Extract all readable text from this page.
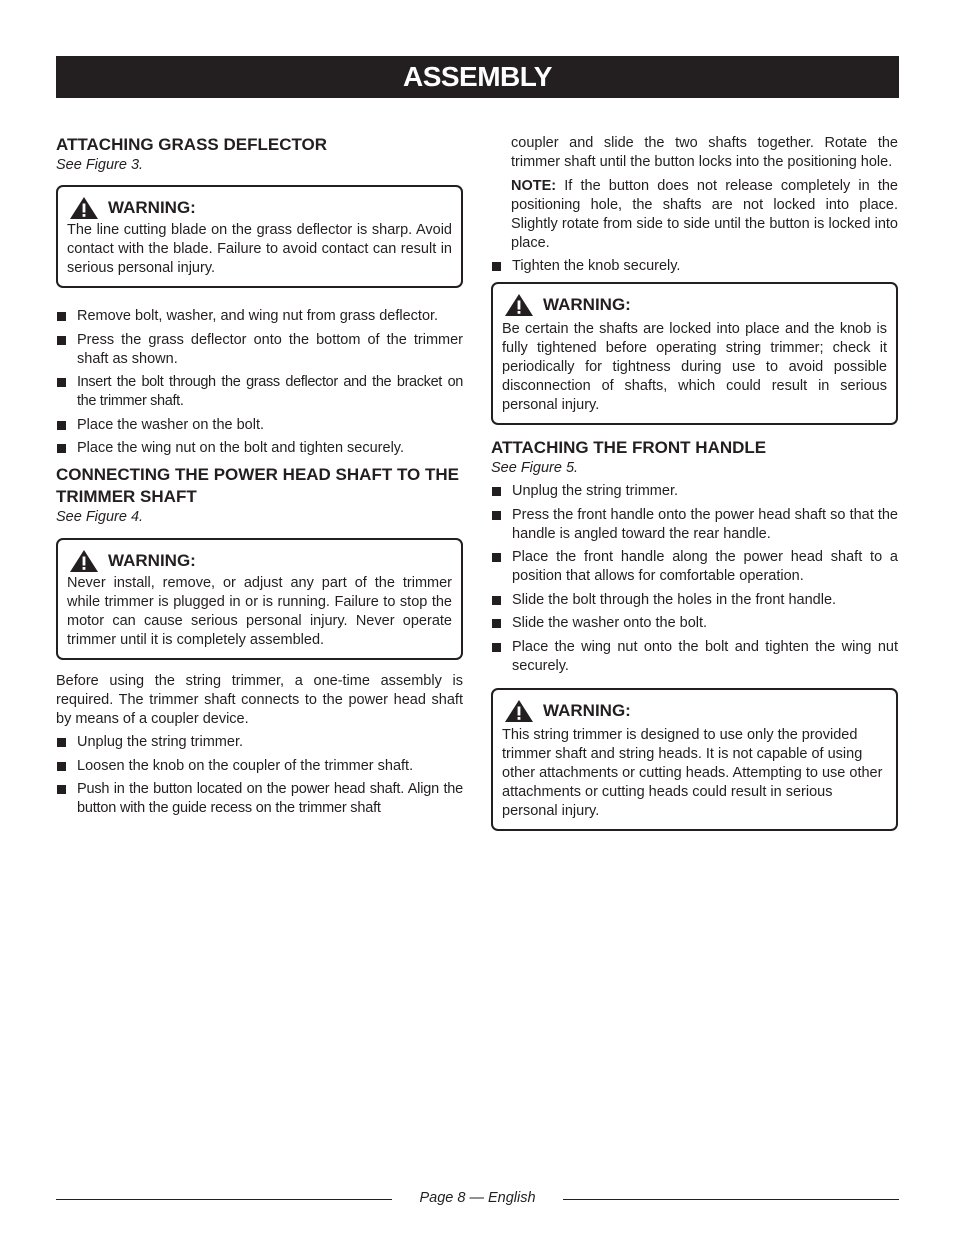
ASSEMBLY
ATTACHING GRASS DEFLECTOR
See Figure 3.
WARNING:
The line cutting blade on the grass deflector is sharp. Avoid contact with the blade. Failure to avoid contact can result in serious personal injury.
Remove bolt, washer, and wing nut from grass deflector.
Press the grass deflector onto the bottom of the trimmer shaft as shown.
Insert the bolt through the grass deflector and the bracket on the trimmer shaft.
Place the washer on the bolt.
Place the wing nut on the bolt and tighten securely.
CONNECTING THE POWER HEAD SHAFT TO THE TRIMMER SHAFT
See Figure 4.
WARNING:
Never install, remove, or adjust any part of the trimmer while trimmer is plugged in or is running. Failure to stop the motor can cause serious personal injury. Never operate trimmer until it is completely assembled.
Before using the string trimmer, a one-time assembly is required. The trimmer shaft connects to the power head shaft by means of a coupler device.
Unplug the string trimmer.
Loosen the knob on the coupler of the trimmer shaft.
Push in the button located on the power head shaft. Align the button with the guide recess on the trimmer shaft
coupler and slide the two shafts together. Rotate the trimmer shaft until the button locks into the positioning hole.
NOTE: If the button does not release completely in the positioning hole, the shafts are not locked into place. Slightly rotate from side to side until the button is locked into place.
Tighten the knob securely.
WARNING:
Be certain the shafts are locked into place and the knob is fully tightened before operating string trimmer; check it periodically for tightness during use to avoid possible disconnection of shafts, which could result in serious personal injury.
ATTACHING THE FRONT HANDLE
See Figure 5.
Unplug the string trimmer.
Press the front handle onto the power head shaft so that the handle is angled toward the rear handle.
Place the front handle along the power head shaft to a position that allows for comfortable operation.
Slide the bolt through the holes in the front handle.
Slide the washer onto the bolt.
Place the wing nut onto the bolt and tighten the wing nut securely.
WARNING:
This string trimmer is designed to use only the provided trimmer shaft and string heads. It is not capable of using other attachments or cutting heads. Attempting to use other attachments or cutting heads could result in serious personal injury.
Page 8 — English
